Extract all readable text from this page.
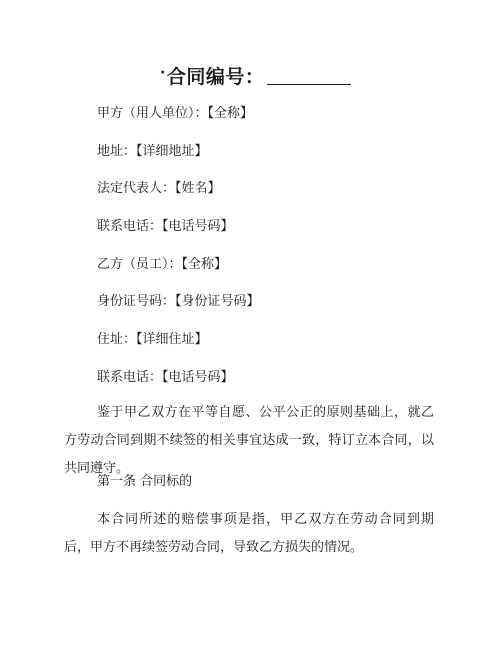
·合同编号：
甲方（用人单位）：【全称】
地址：【详细地址】
法定代表人：【姓名】
联系电话：【电话号码】
乙方（员工）：【全称】
身份证号码：【身份证号码】
住址：【详细住址】
联系电话：【电话号码】
鉴于甲乙双方在平等自愿、公平公正的原则基础上，就乙方劳动合同到期不续签的相关事宜达成一致，特订立本合同，以共同遵守。
第一条 合同标的
本合同所述的赔偿事项是指，甲乙双方在劳动合同到期后，甲方不再续签劳动合同，导致乙方损失的情况。
